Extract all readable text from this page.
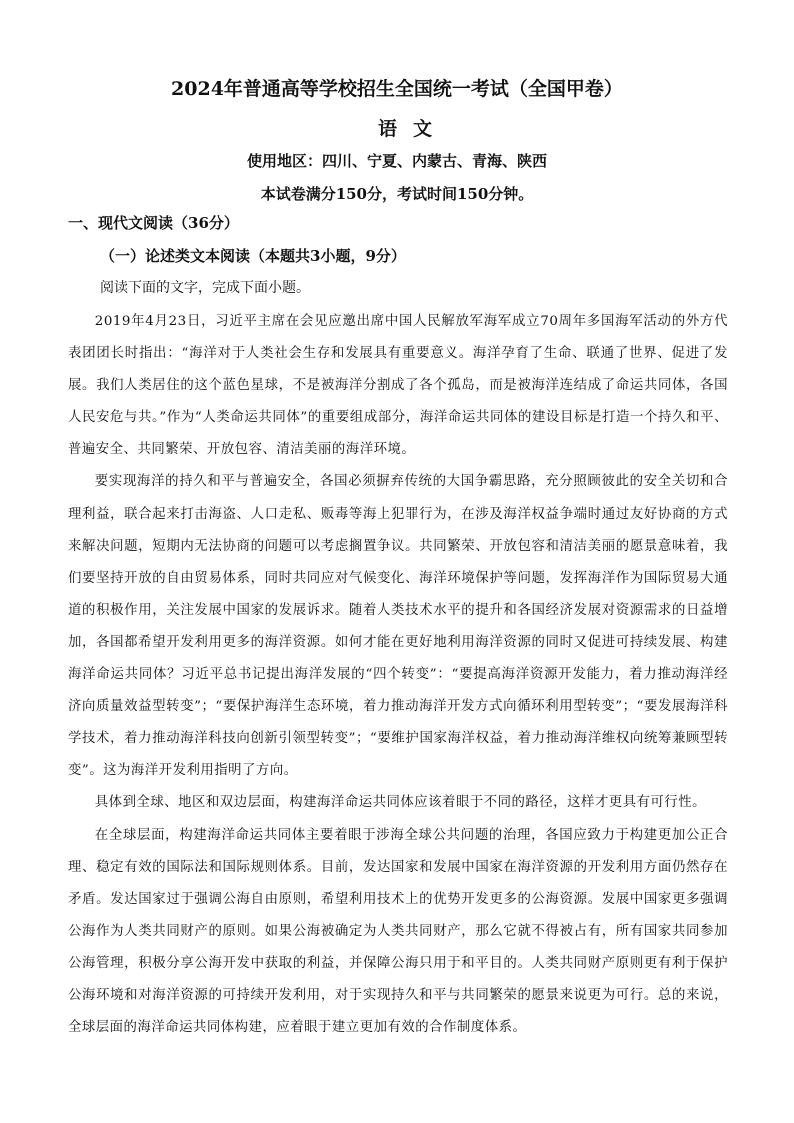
2024年普通高等学校招生全国统一考试（全国甲卷）
语文
使用地区：四川、宁夏、内蒙古、青海、陕西
本试卷满分150分，考试时间150分钟。
一、现代文阅读（36分）
（一）论述类文本阅读（本题共3小题，9分）
阅读下面的文字，完成下面小题。

2019年4月23日，习近平主席在会见应邀出席中国人民解放军海军成立70周年多国海军活动的外方代表团团长时指出：“海洋对于人类社会生存和发展具有重要意义。海洋孕育了生命、联通了世界、促进了发展。我们人类居住的这个蓝色星球，不是被海洋分割成了各个孤岛，而是被海洋连结成了命运共同体，各国人民安危与共。”作为“人类命运共同体”的重要组成部分，海洋命运共同体的建设目标是打造一个持久和平、普遍安全、共同繁荣、开放包容、清洁美丽的海洋环境。

要实现海洋的持久和平与普遍安全，各国必须摒弃传统的大国争霸思路，充分照顾彼此的安全关切和合理利益，联合起来打击海盗、人口走私、贩毒等海上犯罪行为，在涉及海洋权益争端时通过友好协商的方式来解决问题，短期内无法协商的问题可以考虑搁置争议。共同繁荣、开放包容和清洁美丽的愿景意味着，我们要坚持开放的自由贸易体系，同时共同应对气候变化、海洋环境保护等问题，发挥海洋作为国际贸易大通道的积极作用，关注发展中国家的发展诉求。随着人类技术水平的提升和各国经济发展对资源需求的日益增加，各国都希望开发利用更多的海洋资源。如何才能在更好地利用海洋资源的同时又促进可持续发展、构建海洋命运共同体？习近平总书记提出海洋发展的“四个转变”：“要提高海洋资源开发能力，着力推动海洋经济向质量效益型转变”；“要保护海洋生态环境，着力推动海洋开发方式向循环利用型转变”；“要发展海洋科学技术，着力推动海洋科技向创新引领型转变”；“要维护国家海洋权益，着力推动海洋维权向统筹兼顾型转变”。这为海洋开发利用指明了方向。

具体到全球、地区和双边层面，构建海洋命运共同体应该着眼于不同的路径，这样才更具有可行性。

在全球层面，构建海洋命运共同体主要着眼于涉海全球公共问题的治理，各国应致力于构建更加公正合理、稳定有效的国际法和国际规则体系。目前，发达国家和发展中国家在海洋资源的开发利用方面仍然存在矛盾。发达国家过于强调公海自由原则，希望利用技术上的优势开发更多的公海资源。发展中国家更多强调公海作为人类共同财产的原则。如果公海被确定为人类共同财产，那么它就不得被占有，所有国家共同参加公海管理，积极分享公海开发中获取的利益，并保障公海只用于和平目的。人类共同财产原则更有利于保护公海环境和对海洋资源的可持续开发利用，对于实现持久和平与共同繁荣的愿景来说更为可行。总的来说，全球层面的海洋命运共同体构建，应着眼于建立更加有效的合作制度体系。
